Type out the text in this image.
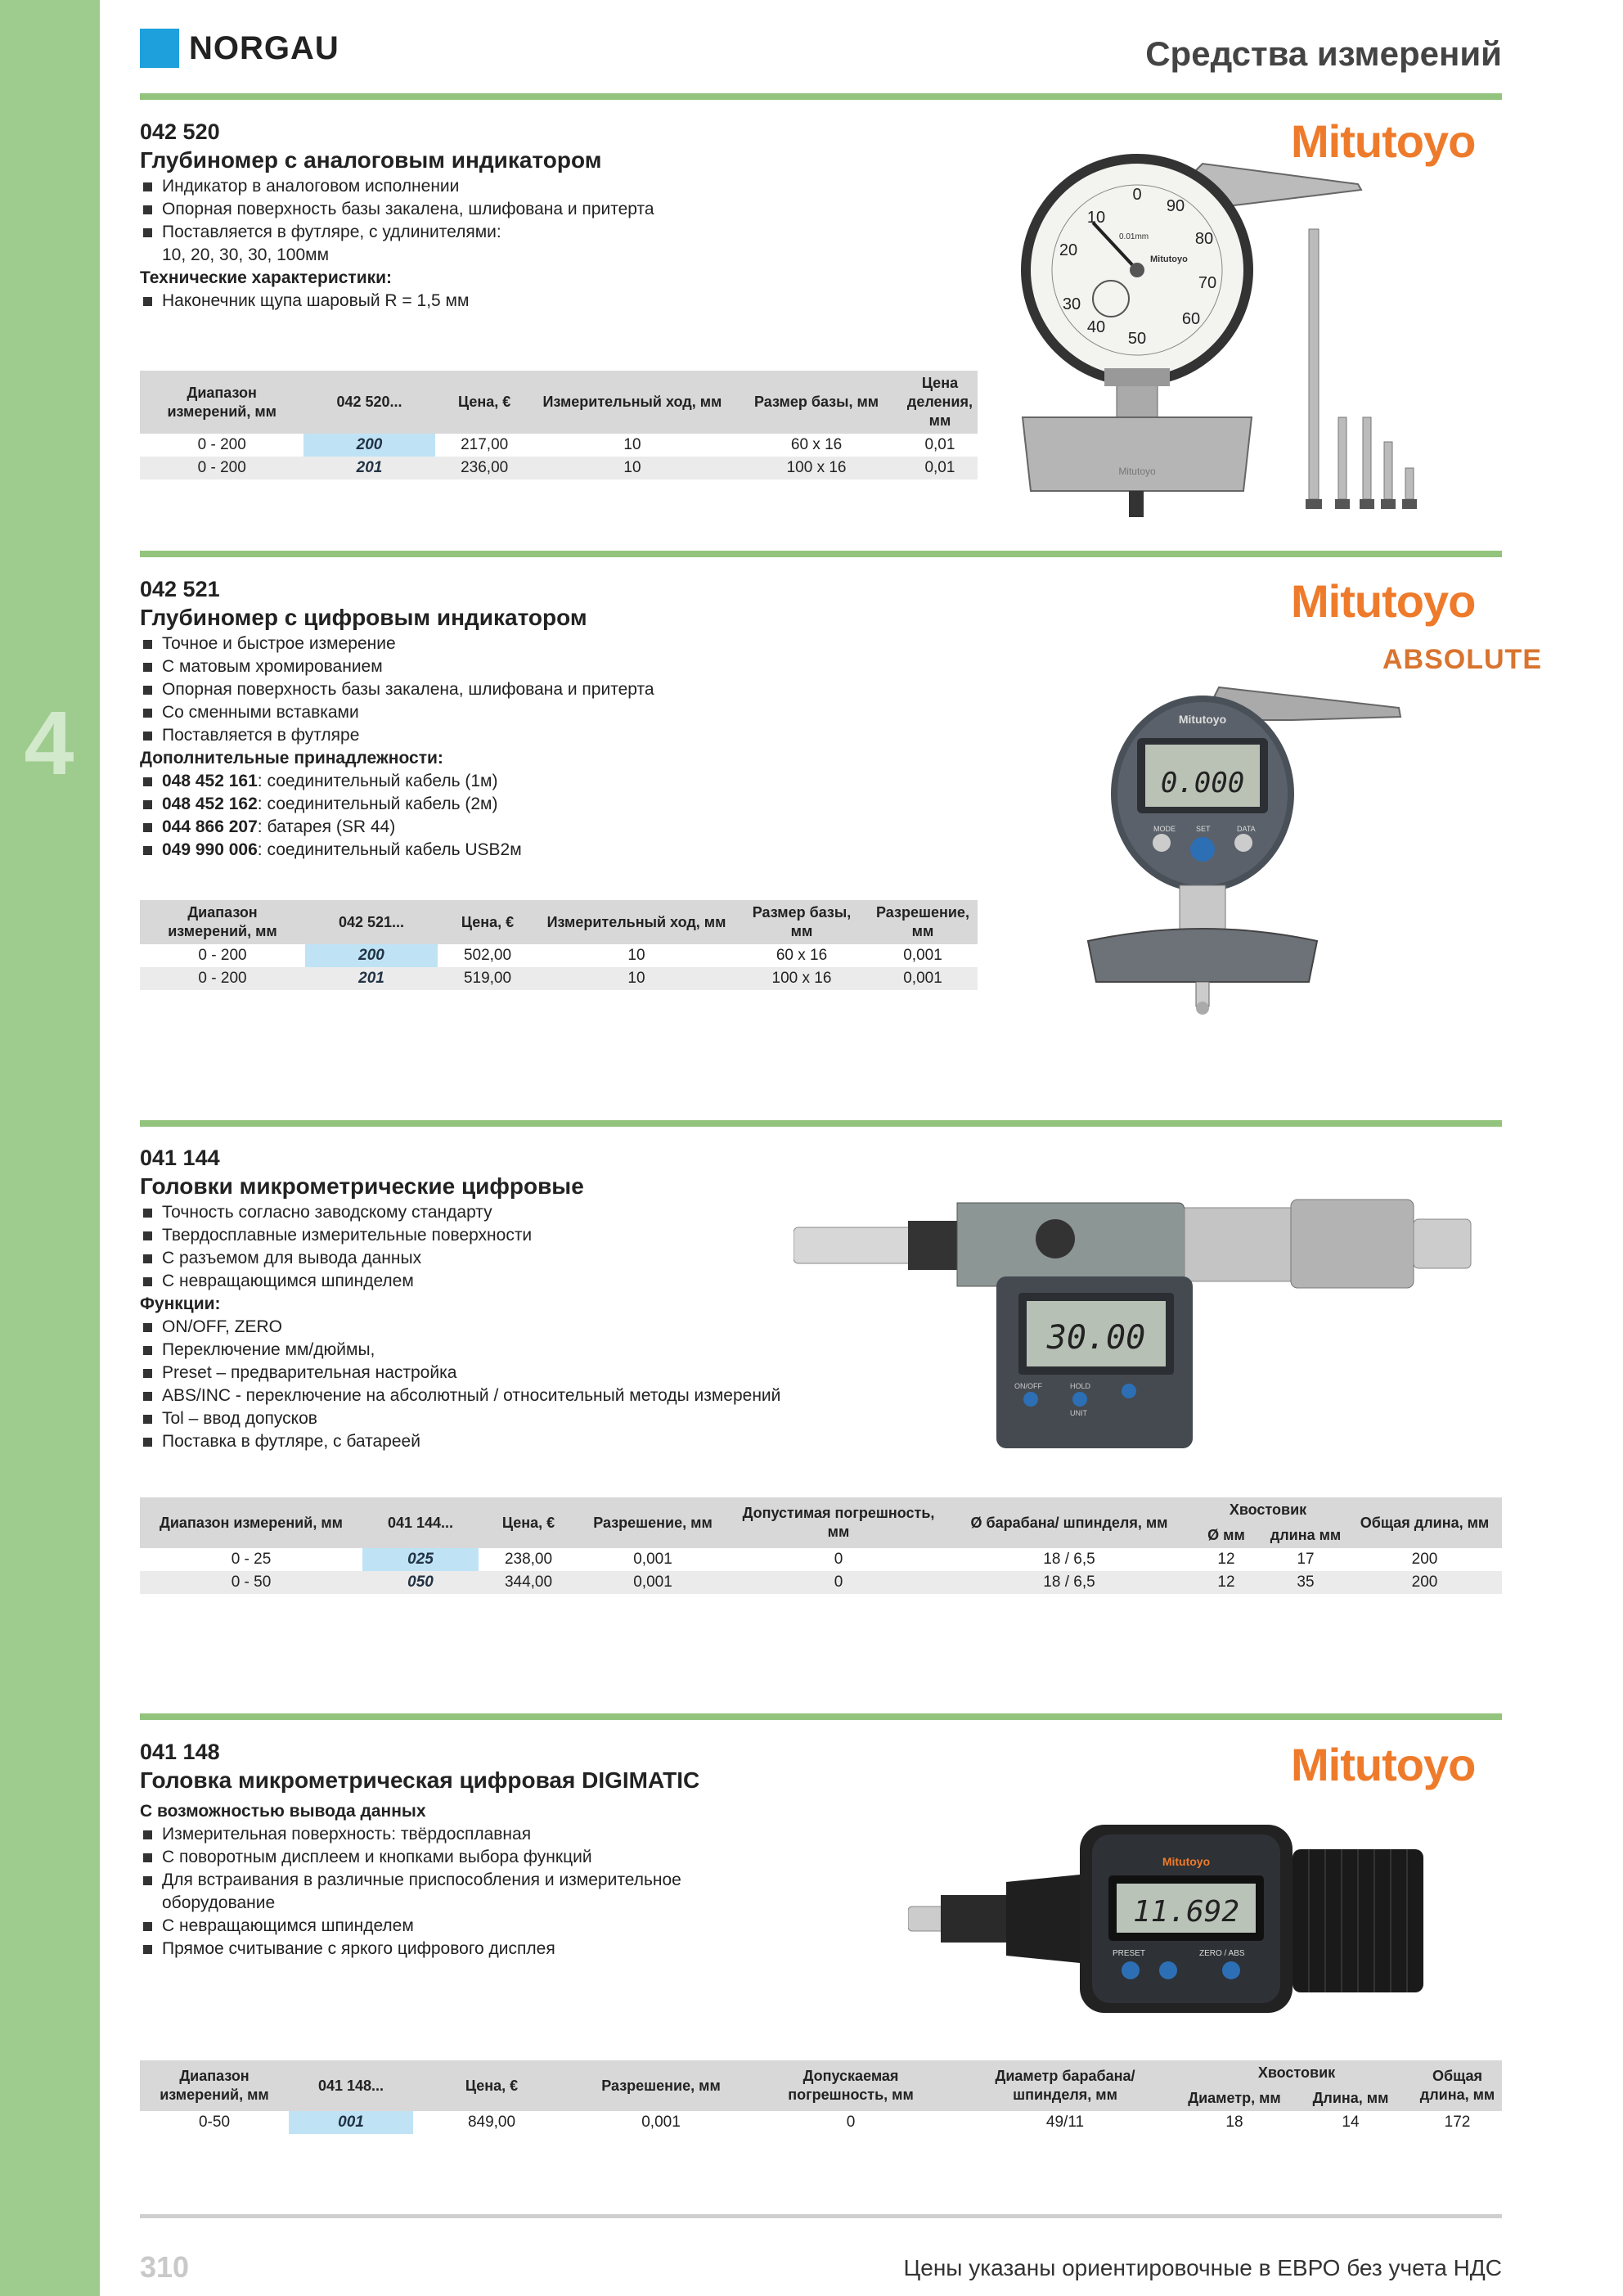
4
NORGAU	Средства измерений
042 520
Глубиномер с аналоговым индикатором
Индикатор в аналоговом исполнении
Опорная поверхность базы закалена, шлифована и притерта
Поставляется в футляре, с удлинителями:
10, 20, 30, 30, 100мм
Технические характеристики:
Наконечник щупа шаровый R = 1,5 мм
Mitutoyo
Диапазон измерений, мм	042 520...	Цена, €	Измерительный ход, мм	Размер базы, мм	Цена деления, мм
0 - 200	200	217,00	10	60 x 16	0,01
0 - 200	201	236,00	10	100 x 16	0,01
0
90
80
70
60
50
40
30
20
10
0.01mm
Mitutoyo
Mitutoyo
042 521
Глубиномер с цифровым индикатором
Точное и быстрое измерение
С матовым хромированием
Опорная поверхность базы закалена, шлифована и притерта
Со сменными вставками
Поставляется в футляре
Дополнительные принадлежности:
048 452 161: соединительный кабель (1м)
048 452 162: соединительный кабель (2м)
044 866 207: батарея (SR 44)
049 990 006: соединительный кабель USB2м
Mitutoyo
ABSOLUTE
Диапазон измерений, мм	042 521...	Цена, €	Измерительный ход, мм	Размер базы, мм	Разрешение, мм
0 - 200	200	502,00	10	60 x 16	0,001
0 - 200	201	519,00	10	100 x 16	0,001
Mitutoyo
0.000
MODE	SET	DATA
041 144
Головки микрометрические цифровые
Точность согласно заводскому стандарту
Твердосплавные измерительные поверхности
С разъемом для вывода данных
С невращающимся шпинделем
Функции:
ON/OFF, ZERO
Переключение мм/дюймы,
Preset – предварительная настройка
ABS/INC - переключение на абсолютный / относительный методы измерений
Tol – ввод допусков
Поставка в футляре, с батареей
30.00
ON/OFF	HOLD
UNIT
Диапазон измерений, мм	041 144...	Цена, €	Разрешение, мм	Допустимая погрешность, мм	Ø барабана/ шпинделя, мм	Хвостовик		Общая длина, мм
						Ø мм	длина мм	
0 - 25	025	238,00	0,001	0	18 / 6,5	12	17	200
0 - 50	050	344,00	0,001	0	18 / 6,5	12	35	200
041 148
Головка микрометрическая цифровая DIGIMATIC
С возможностью вывода данных
Измерительная поверхность: твёрдосплавная
С поворотным дисплеем и кнопками выбора функций
Для встраивания в различные приспособления и измерительное
оборудование
С невращающимся шпинделем
Прямое считывание с яркого цифрового дисплея
Mitutoyo
Mitutoyo
11.692
PRESET	ZERO / ABS
Диапазон измерений, мм	041 148...	Цена, €	Разрешение, мм	Допускаемая погрешность, мм	Диаметр барабана/ шпинделя, мм	Хвостовик		Общая длина, мм
						Диаметр, мм	Длина, мм	
0-50	001	849,00	0,001	0	49/11	18	14	172
310	Цены указаны ориентировочные в ЕВРО без учета НДС
